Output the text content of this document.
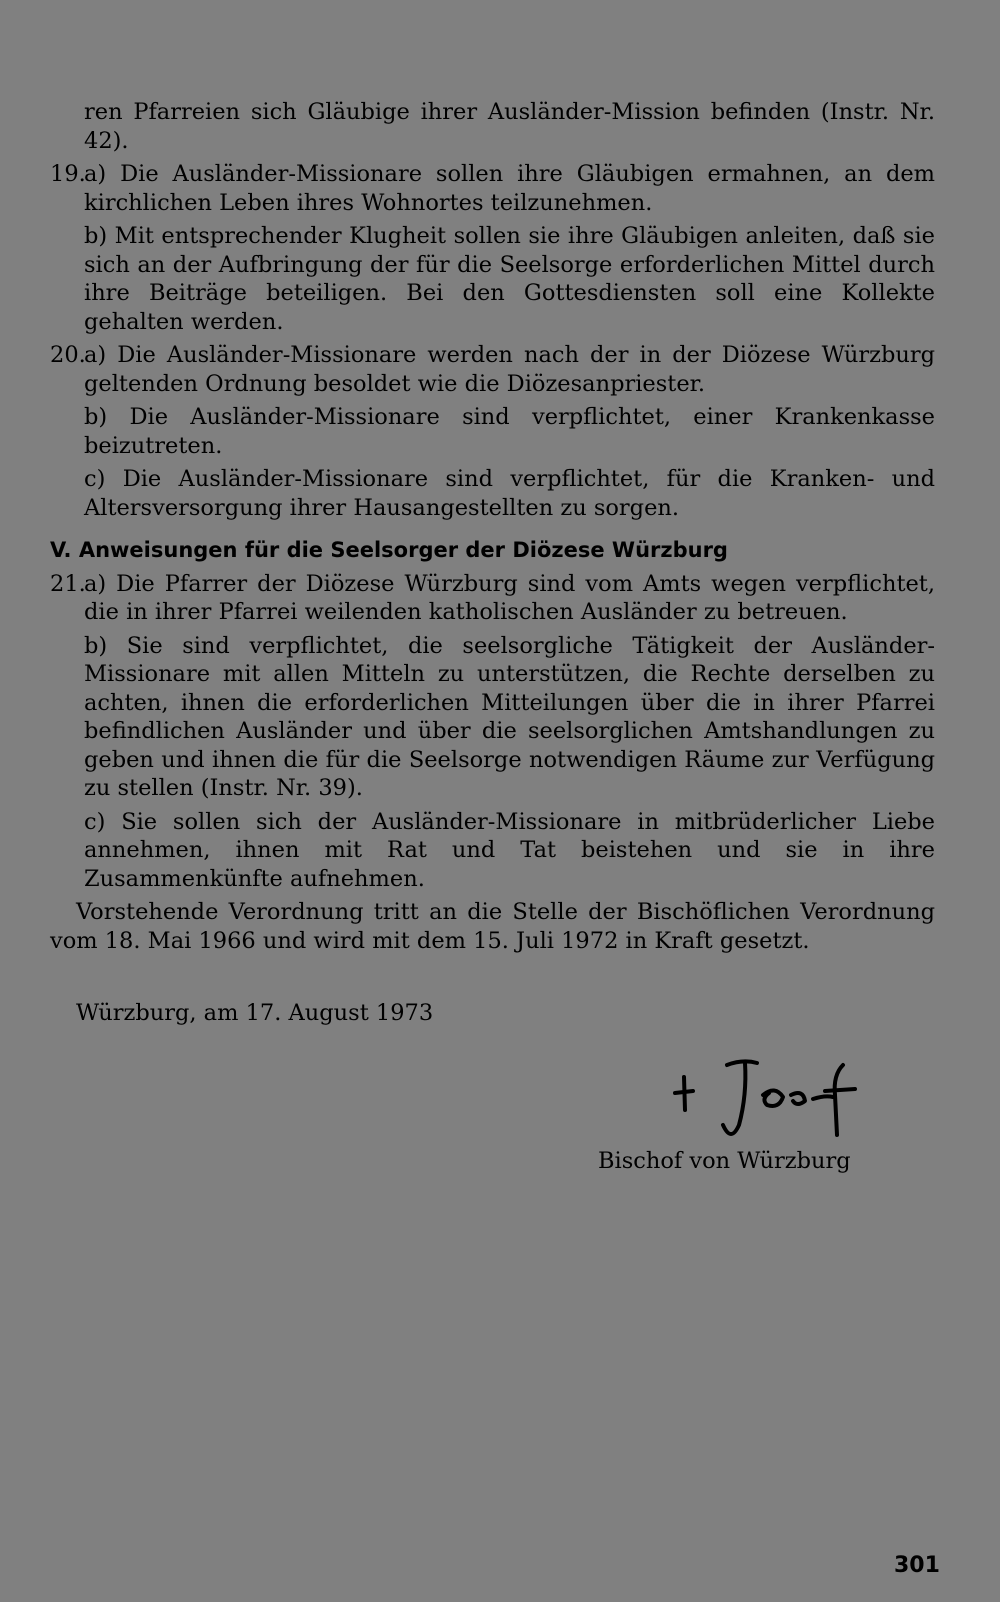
ren Pfarreien sich Gläubige ihrer Ausländer-Mission befinden (Instr. Nr. 42).

19.a) Die Ausländer-Missionare sollen ihre Gläubigen ermahnen, an dem kirchlichen Leben ihres Wohnortes teilzunehmen.

b) Mit entsprechender Klugheit sollen sie ihre Gläubigen anleiten, daß sie sich an der Aufbringung der für die Seelsorge erforderlichen Mittel durch ihre Beiträge beteiligen. Bei den Gottesdiensten soll eine Kollekte gehalten werden.

20.a) Die Ausländer-Missionare werden nach der in der Diözese Würzburg geltenden Ordnung besoldet wie die Diözesanpriester.

b) Die Ausländer-Missionare sind verpflichtet, einer Krankenkasse beizutreten.

c) Die Ausländer-Missionare sind verpflichtet, für die Kranken- und Altersversorgung ihrer Hausangestellten zu sorgen.

V. Anweisungen für die Seelsorger der Diözese Würzburg

21.a) Die Pfarrer der Diözese Würzburg sind vom Amts wegen verpflichtet, die in ihrer Pfarrei weilenden katholischen Ausländer zu betreuen.

b) Sie sind verpflichtet, die seelsorgliche Tätigkeit der Ausländer-Missionare mit allen Mitteln zu unterstützen, die Rechte derselben zu achten, ihnen die erforderlichen Mitteilungen über die in ihrer Pfarrei befindlichen Ausländer und über die seelsorglichen Amtshandlungen zu geben und ihnen die für die Seelsorge notwendigen Räume zur Verfügung zu stellen (Instr. Nr. 39).

c) Sie sollen sich der Ausländer-Missionare in mitbrüderlicher Liebe annehmen, ihnen mit Rat und Tat beistehen und sie in ihre Zusammenkünfte aufnehmen.

Vorstehende Verordnung tritt an die Stelle der Bischöflichen Verordnung vom 18. Mai 1966 und wird mit dem 15. Juli 1972 in Kraft gesetzt.

Würzburg, am 17. August 1973

Bischof von Würzburg
301
